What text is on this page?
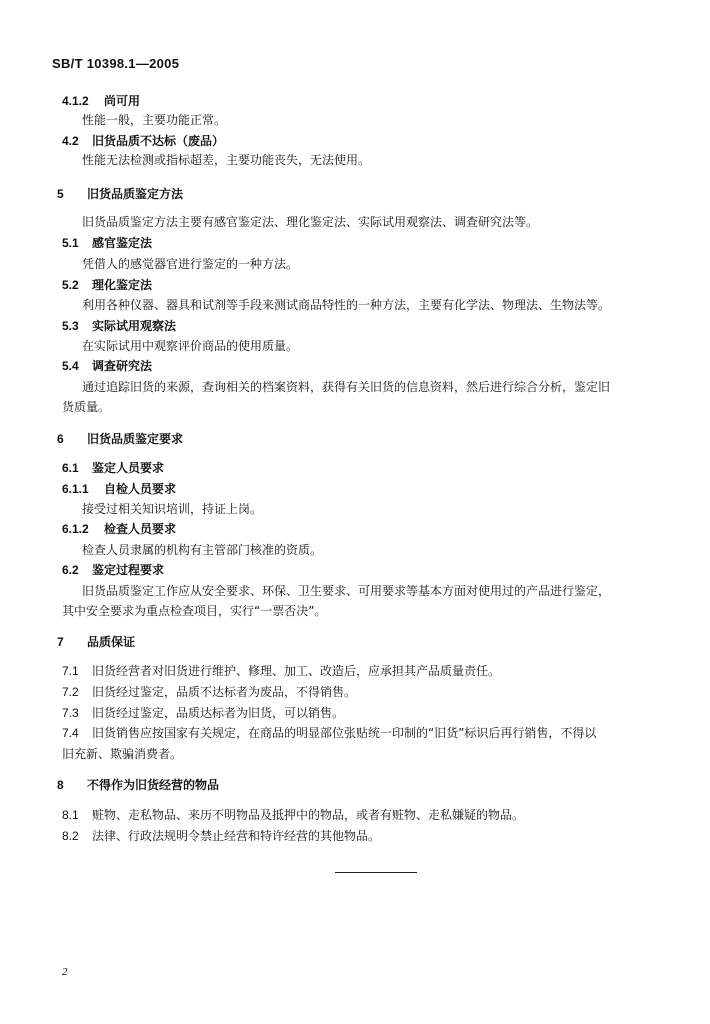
SB/T 10398.1—2005
4.1.2 尚可用
性能一般，主要功能正常。
4.2 旧货品质不达标（废品）
性能无法检测或指标超差，主要功能丧失，无法使用。
5 旧货品质鉴定方法
旧货品质鉴定方法主要有感官鉴定法、理化鉴定法、实际试用观察法、调查研究法等。
5.1 感官鉴定法
凭借人的感觉器官进行鉴定的一种方法。
5.2 理化鉴定法
利用各种仪器、器具和试剂等手段来测试商品特性的一种方法，主要有化学法、物理法、生物法等。
5.3 实际试用观察法
在实际试用中观察评价商品的使用质量。
5.4 调查研究法
通过追踪旧货的来源，查询相关的档案资料，获得有关旧货的信息资料，然后进行综合分析，鉴定旧
货质量。
6 旧货品质鉴定要求
6.1 鉴定人员要求
6.1.1 自检人员要求
接受过相关知识培训，持证上岗。
6.1.2 检查人员要求
检查人员隶属的机构有主管部门核准的资质。
6.2 鉴定过程要求
旧货品质鉴定工作应从安全要求、环保、卫生要求、可用要求等基本方面对使用过的产品进行鉴定，
其中安全要求为重点检查项目，实行“一票否决”。
7 品质保证
7.1 旧货经营者对旧货进行维护、修理、加工、改造后，应承担其产品质量责任。
7.2 旧货经过鉴定，品质不达标者为废品，不得销售。
7.3 旧货经过鉴定，品质达标者为旧货，可以销售。
7.4 旧货销售应按国家有关规定，在商品的明显部位张贴统一印制的“旧货”标识后再行销售，不得以
旧充新、欺骗消费者。
8 不得作为旧货经营的物品
8.1 赃物、走私物品、来历不明物品及抵押中的物品，或者有赃物、走私嫌疑的物品。
8.2 法律、行政法规明令禁止经营和特许经营的其他物品。
2
